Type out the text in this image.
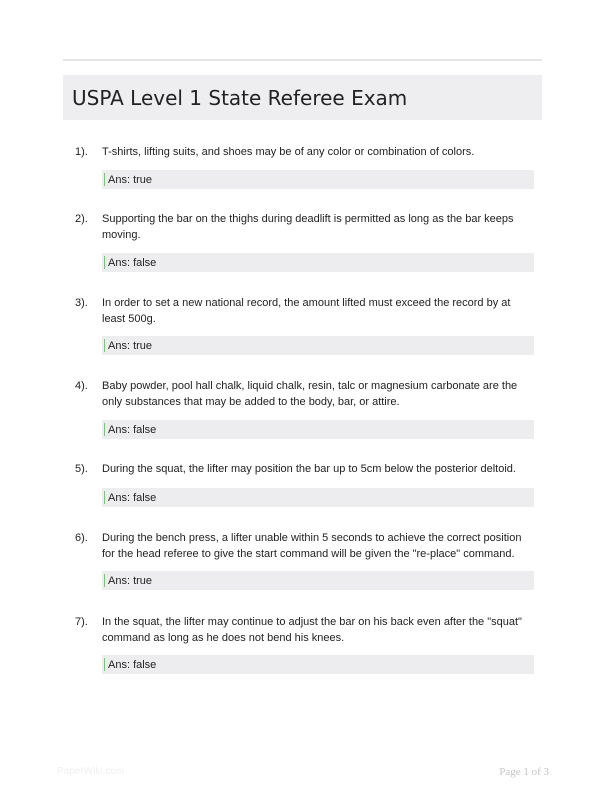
USPA Level 1 State Referee Exam
1). T-shirts, lifting suits, and shoes may be of any color or combination of colors.
Ans: true
2). Supporting the bar on the thighs during deadlift is permitted as long as the bar keeps moving.
Ans: false
3). In order to set a new national record, the amount lifted must exceed the record by at least 500g.
Ans: true
4). Baby powder, pool hall chalk, liquid chalk, resin, talc or magnesium carbonate are the only substances that may be added to the body, bar, or attire.
Ans: false
5). During the squat, the lifter may position the bar up to 5cm below the posterior deltoid.
Ans: false
6). During the bench press, a lifter unable within 5 seconds to achieve the correct position for the head referee to give the start command will be given the "re-place" command.
Ans: true
7). In the squat, the lifter may continue to adjust the bar on his back even after the "squat" command as long as he does not bend his knees.
Ans: false
PaperWiki.com	Page 1 of 3
